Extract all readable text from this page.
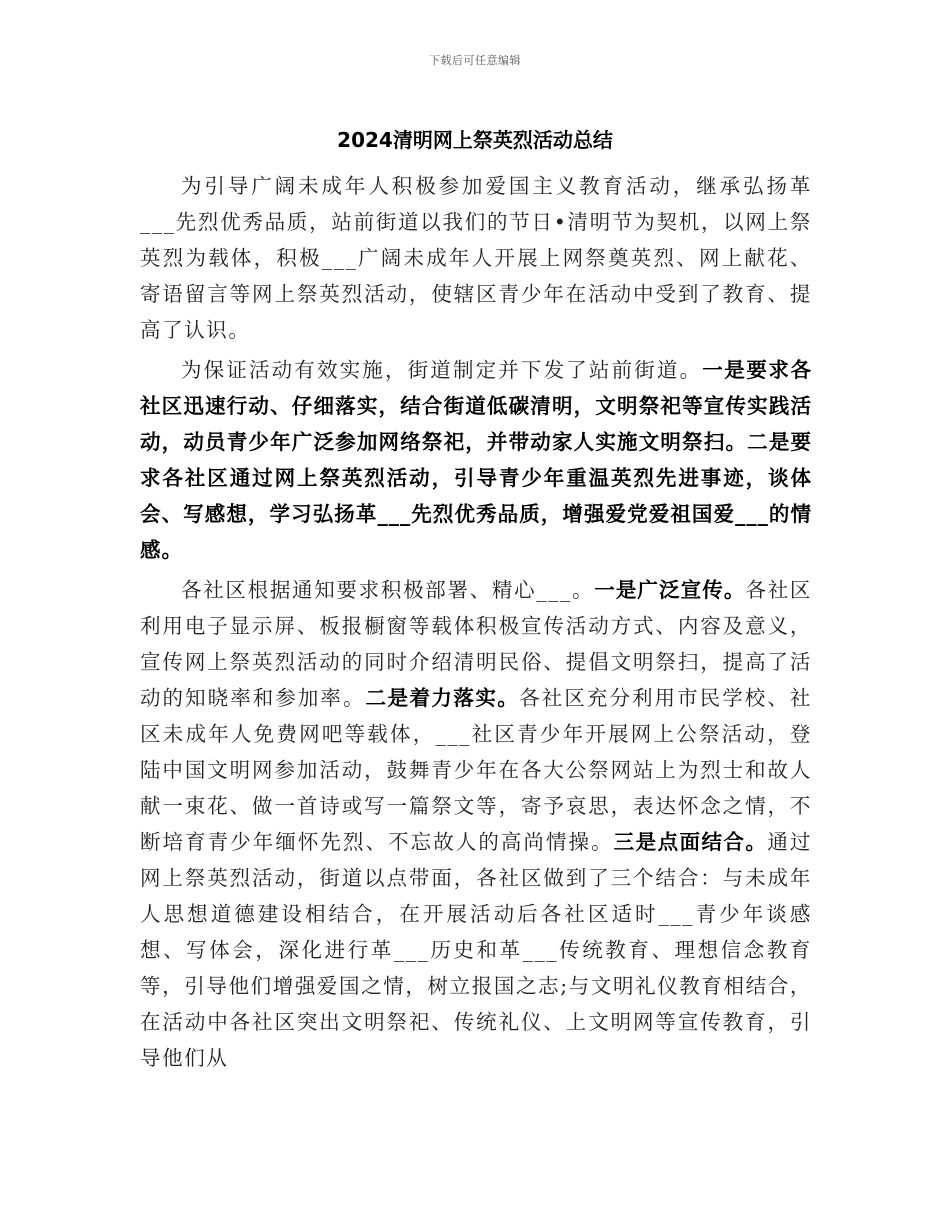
下载后可任意编辑
2024清明网上祭英烈活动总结

为引导广阔未成年人积极参加爱国主义教育活动，继承弘扬革___先烈优秀品质，站前街道以我们的节日•清明节为契机，以网上祭英烈为载体，积极___广阔未成年人开展上网祭奠英烈、网上献花、寄语留言等网上祭英烈活动，使辖区青少年在活动中受到了教育、提高了认识。

为保证活动有效实施，街道制定并下发了站前街道。一是要求各社区迅速行动、仔细落实，结合街道低碳清明，文明祭祀等宣传实践活动，动员青少年广泛参加网络祭祀，并带动家人实施文明祭扫。二是要求各社区通过网上祭英烈活动，引导青少年重温英烈先进事迹，谈体会、写感想，学习弘扬革___先烈优秀品质，增强爱党爱祖国爱___的情感。

各社区根据通知要求积极部署、精心___。一是广泛宣传。各社区利用电子显示屏、板报橱窗等载体积极宣传活动方式、内容及意义，宣传网上祭英烈活动的同时介绍清明民俗、提倡文明祭扫，提高了活动的知晓率和参加率。二是着力落实。各社区充分利用市民学校、社区未成年人免费网吧等载体，___社区青少年开展网上公祭活动，登陆中国文明网参加活动，鼓舞青少年在各大公祭网站上为烈士和故人献一束花、做一首诗或写一篇祭文等，寄予哀思，表达怀念之情，不断培育青少年缅怀先烈、不忘故人的高尚情操。三是点面结合。通过网上祭英烈活动，街道以点带面，各社区做到了三个结合：与未成年人思想道德建设相结合，在开展活动后各社区适时___青少年谈感想、写体会，深化进行革___历史和革___传统教育、理想信念教育等，引导他们增强爱国之情，树立报国之志;与文明礼仪教育相结合，在活动中各社区突出文明祭祀、传统礼仪、上文明网等宣传教育，引导他们从
